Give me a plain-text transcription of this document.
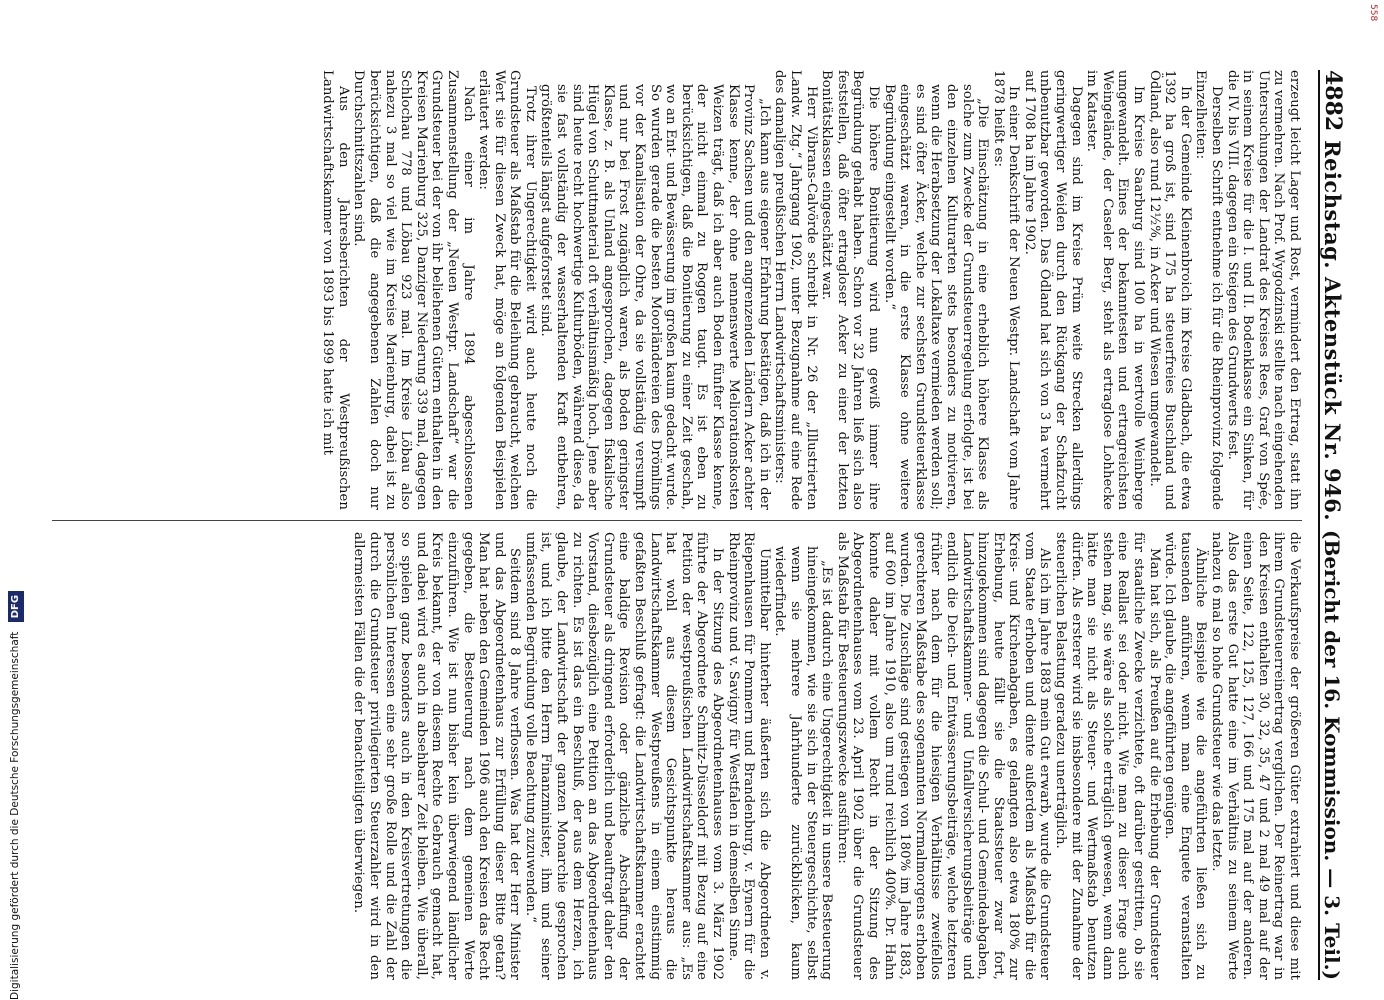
4882
Reichstag. Aktenstück Nr. 946.
(Bericht der 16. Kommission. — 3. Teil.)

erzeugt leicht Lager und Rost, vermindert den Ertrag, statt ihn zu vermehren. Nach Prof. Wygodzinski stellte nach eingehenden Untersuchungen der Landrat des Kreises Rees, Graf von Spée, in seinem Kreise für die I. und II. Bodenklasse ein Sinken, für die IV. bis VIII. dagegen ein Steigen des Grundwerts fest.

Derselben Schrift entnehme ich für die Rheinprovinz folgende Einzelheiten:

In der Gemeinde Kleinenbroich im Kreise Gladbach, die etwa 1392 ha groß ist, sind 175 ha steuerfreies Buschland und Ödland, also rund 12½%, in Acker und Wiesen umgewandelt.

Im Kreise Saarburg sind 100 ha in wertvolle Weinberge umgewandelt. Eines der bekanntesten und ertragreichsten Weingelände, der Caseler Berg, steht als ertraglose Lohhecke im Kataster.

Dagegen sind im Kreise Prüm weite Strecken allerdings geringwertiger Weiden durch den Rückgang der Schafzucht unbenutzbar geworden. Das Ödland hat sich von 3 ha vermehrt auf 1708 ha im Jahre 1902.

In einer Denkschrift der Neuen Westpr. Landschaft vom Jahre 1878 heißt es:

„Die Einschätzung in eine erheblich höhere Klasse als solche zum Zwecke der Grundsteuerregelung erfolgte, ist bei den einzelnen Kulturarten stets besonders zu motivieren, wenn die Herabsetzung der Lokaltaxe vermieden werden soll; es sind öfter Äcker, welche zur sechsten Grundsteuerklasse eingeschätzt waren, in die erste Klasse ohne weitere Begründung eingestellt worden.“

Die höhere Bonitierung wird nun gewiß immer ihre Begründung gehabt haben. Schon vor 32 Jahren ließ sich also feststellen, daß öfter ertragloser Acker zu einer der letzten Bonitätsklassen eingeschätzt war.

Herr Vibrans-Calvörde schreibt in Nr. 26 der „Illustrierten Landw. Ztg.“ Jahrgang 1902, unter Bezugnahme auf eine Rede des damaligen preußischen Herrn Landwirtschaftsministers:

„Ich kann aus eigener Erfahrung bestätigen, daß ich in der Provinz Sachsen und den angrenzenden Ländern Acker achter Klasse kenne, der ohne nennenswerte Meliorationskosten Weizen trägt, daß ich aber auch Boden fünfter Klasse kenne, der nicht einmal zu Roggen taugt. Es ist eben zu berücksichtigen, daß die Bonitierung zu einer Zeit geschah, wo an Ent- und Bewässerung im großen kaum gedacht wurde. So wurden gerade die besten Moorländereien des Drömlings vor der Kanalisation der Ohre, da sie vollständig versumpft und nur bei Frost zugänglich waren, als Boden geringster Klasse, z. B. als Unland angesprochen, dagegen fiskalische Hügel von Schuttmaterial oft verhältnismäßig hoch. Jene aber sind heute recht hochwertige Kulturböden, während diese, da sie fast vollständig der wasserhaltenden Kraft entbehren, größtenteils längst aufgeforstet sind.

Trotz ihrer Ungerechtigkeit wird auch heute noch die Grundsteuer als Maßstab für die Beleihung gebraucht, welchen Wert sie für diesen Zweck hat, möge an folgenden Beispielen erläutert werden:

Nach einer im Jahre 1894 abgeschlossenen Zusammenstellung der „Neuen Westpr. Landschaft“ war die Grundsteuer bei der von ihr beliehenen Gütern enthalten in den Kreisen Marienburg 325, Danziger Niederung 339 mal, dagegen Schlochau 778 und Löbau 923 mal. Im Kreise Löbau also nahezu 3 mal so viel wie im Kreise Marienburg, dabei ist zu berücksichtigen, daß die angegebenen Zahlen doch nur Durchschnittszahlen sind.

Aus den Jahresberichten der Westpreußischen Landwirtschaftskammer von 1893 bis 1899 hatte ich mit

die Verkaufspreise der größeren Güter extrahiert und diese mit ihrem Grundsteuerreinertrag verglichen. Der Reinertrag war in den Kreisen enthalten 30, 32, 35, 47 und 2 mal 49 mal auf der einen Seite, 122, 125, 127, 166 und 175 mal auf der anderen. Also das erste Gut hatte eine im Verhältnis zu seinem Werte nahezu 6 mal so hohe Grundsteuer wie das letzte.

Ähnliche Beispiele wie die angeführten ließen sich zu tausenden anführen, wenn man eine Enquete veranstalten würde. Ich glaube, die angeführten genügen.

Man hat sich, als Preußen auf die Erhebung der Grundsteuer für staatliche Zwecke verzichtete, oft darüber gestritten, ob sie eine Reallast sei oder nicht. Wie man zu dieser Frage auch stehen mag, sie wäre als solche erträglich gewesen, wenn dann hätte man sie nicht als Steuer- und Wertmaßstab benutzen dürfen. Als ersterer wird sie insbesondere mit der Zunahme der steuerlichen Belastung geradezu unerträglich.

Als ich im Jahre 1883 mein Gut erwarb, wurde die Grundsteuer vom Staate erhoben und diente außerdem als Maßstab für die Kreis- und Kirchenabgaben, es gelangten also etwa 180% zur Erhebung, heute fällt sie die Staatssteuer zwar fort, hinzugekommen sind dagegen die Schul- und Gemeindeabgaben, Landwirtschaftskammer- und Unfallversicherungsbeiträge und endlich die Deich- und Entwässerungsbeiträge, welche letzteren früher nach dem für die hiesigen Verhältnisse zweifellos gerechteren Maßstabe des sogenannten Normalmorgens erhoben wurden. Die Zuschläge sind gestiegen von 180% im Jahre 1883, auf 600 im Jahre 1910, also um rund reichlich 400%. Dr. Hahn konnte daher mit vollem Recht in der Sitzung des Abgeordnetenhauses vom 23. April 1902 über die Grundsteuer als Maßstab für Besteuerungszwecke ausführen:

„Es ist dadurch eine Ungerechtigkeit in unsere Besteuerung hineingekommen, wie sie sich in der Steuergeschichte, selbst wenn sie mehrere Jahrhunderte zurückblicken, kaum wiederfindet.

Unmittelbar hinterher äußerten sich die Abgeordneten v. Riepenhausen für Pommern und Brandenburg, v. Eynern für die Rheinprovinz und v. Savigny für Westfalen in demselben Sinne.

In der Sitzung des Abgeordnetenhauses vom 3. März 1902 führte der Abgeordnete Schmitz-Düsseldorf mit Bezug auf eine Petition der westpreußischen Landwirtschaftskammer aus: „Es hat wohl aus diesem Gesichtspunkte heraus die Landwirtschaftskammer Westpreußens in einem einstimmig gefaßten Beschluß gefragt: die Landwirtschaftskammer erachtet eine baldige Revision oder gänzliche Abschaffung der Grundsteuer als dringend erforderlich und beauftragt daher den Vorstand, diesbezüglich eine Petition an das Abgeordnetenhaus zu richten. Es ist das ein Beschluß, der aus dem Herzen, ich glaube, der Landwirtschaft der ganzen Monarchie gesprochen ist, und ich bitte den Herrn Finanzminister, ihm und seiner umfassenden Begründung volle Beachtung zuzuwenden.“

Seitdem sind 8 Jahre verflossen. Was hat der Herr Minister und das Abgeordnetenhaus zur Erfüllung dieser Bitte getan? Man hat neben den Gemeinden 1906 auch den Kreisen das Recht gegeben, die Besteuerung nach dem gemeinen Werte einzuführen. Wie ist nun bisher kein überwiegend ländlicher Kreis bekannt, der von diesem Rechte Gebrauch gemacht hat, und dabei wird es auch in absehbarer Zeit bleiben. Wie überall, so spielen ganz besonders auch in den Kreisvertretungen die persönlichen Interessen eine sehr große Rolle und die Zahl der durch die Grundsteuer privilegierten Steuerzahler wird in den allermeisten Fällen die der benachteiligten überwiegen.

Digitalisierung gefördert durch die Deutsche Forschungsgemeinschaft DFG
558
